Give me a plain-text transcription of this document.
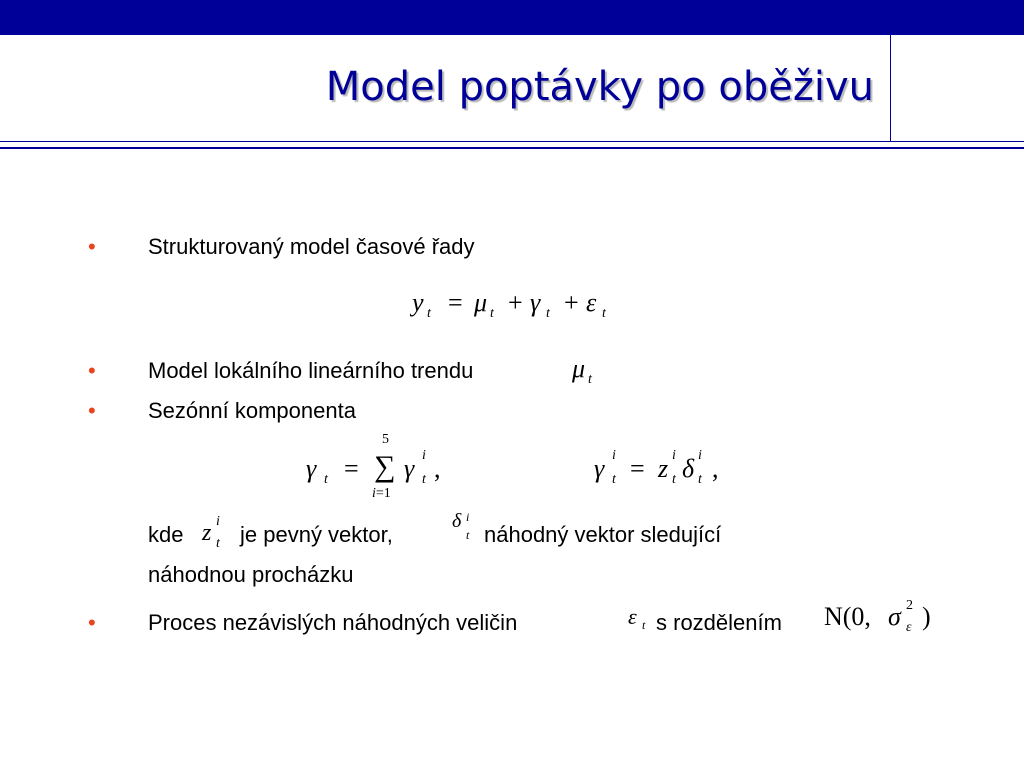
Model poptávky po oběživu
• Strukturovaný model časové řady
y t = μ t + γ t + ε t
• Model lokálního lineárního trendu	μ t
• Sezónní komponenta
γ t =
5
∑
i=1
γ i
t ,	γ i
t = z i
t δ i
t ,
kde z i
t je pevný vektor,
δ i
t náhodný vektor sledující
náhodnou procházku
• Proces nezávislých náhodných veličin	ε t s rozdělením N(0, σ 2
ε )
